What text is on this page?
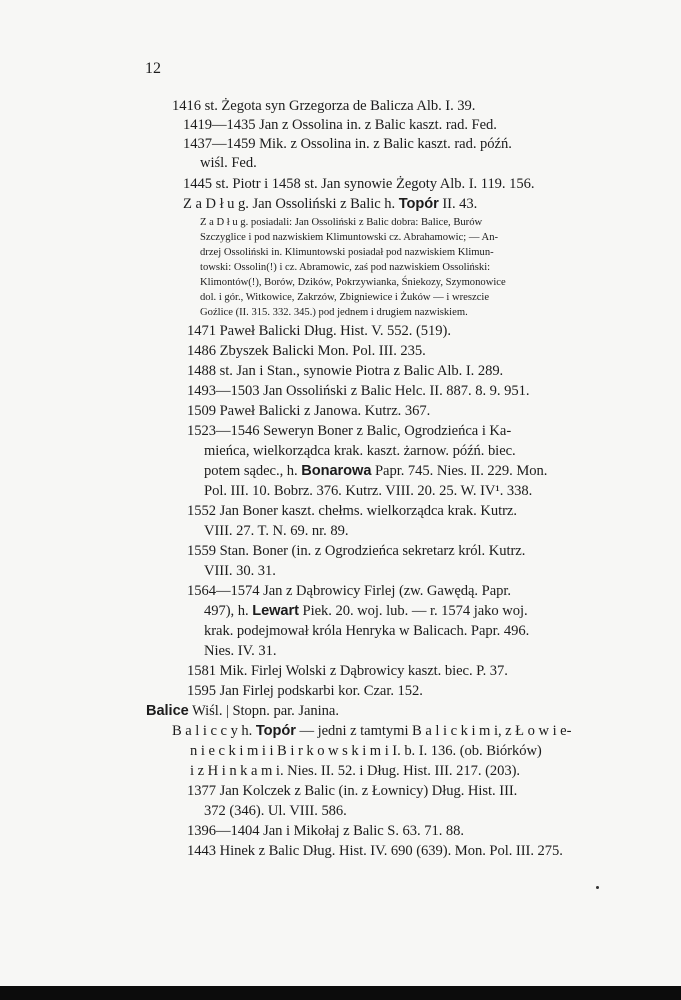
12
1416 st. Żegota syn Grzegorza de Balicza Alb. I. 39.
1419—1435 Jan z Ossolina in. z Balic kaszt. rad. Fed.
1437—1459 Mik. z Ossolina in. z Balic kaszt. rad. późń.
wiśl. Fed.
1445 st. Piotr i 1458 st. Jan synowie Żegoty Alb. I. 119. 156.
Z a D ł u g. Jan Ossoliński z Balic h. Topór II. 43.
Z a D ł u g. posiadali: Jan Ossoliński z Balic dobra: Balice, Burów
Szczyglice i pod nazwiskiem Klimuntowski cz. Abrahamowic; — An-
drzej Ossoliński in. Klimuntowski posiadał pod nazwiskiem Klimun-
towski: Ossolin(!) i cz. Abramowic, zaś pod nazwiskiem Ossoliński:
Klimontów(!), Borów, Dzików, Pokrzywianka, Śniekozy, Szymonowice
dol. i gór., Witkowice, Zakrzów, Zbigniewice i Żuków — i wreszcie
Goźlice (II. 315. 332. 345.) pod jednem i drugiem nazwiskiem.
1471 Paweł Balicki Dług. Hist. V. 552. (519).
1486 Zbyszek Balicki Mon. Pol. III. 235.
1488 st. Jan i Stan., synowie Piotra z Balic Alb. I. 289.
1493—1503 Jan Ossoliński z Balic Helc. II. 887. 8. 9. 951.
1509 Paweł Balicki z Janowa. Kutrz. 367.
1523—1546 Seweryn Boner z Balic, Ogrodzieńca i Ka-
mieńca, wielkorządca krak. kaszt. żarnow. późń. biec.
potem sądec., h. Bonarowa Papr. 745. Nies. II. 229. Mon.
Pol. III. 10. Bobrz. 376. Kutrz. VIII. 20. 25. W. IV¹. 338.
1552 Jan Boner kaszt. chełms. wielkorządca krak. Kutrz.
VIII. 27. T. N. 69. nr. 89.
1559 Stan. Boner (in. z Ogrodzieńca sekretarz król. Kutrz.
VIII. 30. 31.
1564—1574 Jan z Dąbrowicy Firlej (zw. Gawędą. Papr.
497), h. Lewart Piek. 20. woj. lub. — r. 1574 jako woj.
krak. podejmował króla Henryka w Balicach. Papr. 496.
Nies. IV. 31.
1581 Mik. Firlej Wolski z Dąbrowicy kaszt. biec. P. 37.
1595 Jan Firlej podskarbi kor. Czar. 152.
Balice Wiśl. | Stopn. par. Janina.
B a l i c c y h. Topór — jedni z tamtymi B a l i c k i m i, z Ł o w i e-
n i e c k i m i i B i r k o w s k i m i I. b. I. 136. (ob. Biórków)
i z H i n k a m i. Nies. II. 52. i Dług. Hist. III. 217. (203).
1377 Jan Kolczek z Balic (in. z Łownicy) Dług. Hist. III.
372 (346). Ul. VIII. 586.
1396—1404 Jan i Mikołaj z Balic S. 63. 71. 88.
1443 Hinek z Balic Dług. Hist. IV. 690 (639). Mon. Pol. III. 275.
